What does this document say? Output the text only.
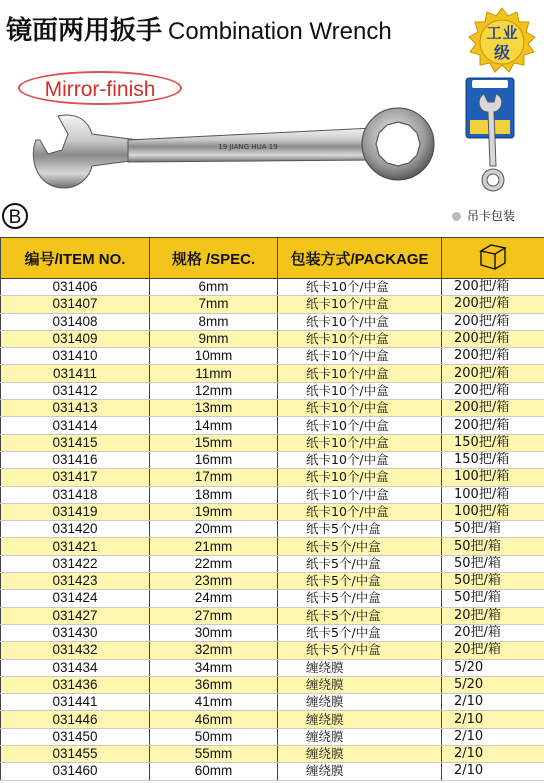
镜面两用扳手 Combination Wrench	工 业
级
Mirror-finish
19 JIANG HUA 19
B	吊卡包装
编号/ITEM NO.	规格 /SPEC.	包装方式/PACKAGE	
031406	6mm	纸卡10个/中盒	200把/箱
031407	7mm	纸卡10个/中盒	200把/箱
031408	8mm	纸卡10个/中盒	200把/箱
031409	9mm	纸卡10个/中盒	200把/箱
031410	10mm	纸卡10个/中盒	200把/箱
031411	11mm	纸卡10个/中盒	200把/箱
031412	12mm	纸卡10个/中盒	200把/箱
031413	13mm	纸卡10个/中盒	200把/箱
031414	14mm	纸卡10个/中盒	200把/箱
031415	15mm	纸卡10个/中盒	150把/箱
031416	16mm	纸卡10个/中盒	150把/箱
031417	17mm	纸卡10个/中盒	100把/箱
031418	18mm	纸卡10个/中盒	100把/箱
031419	19mm	纸卡10个/中盒	100把/箱
031420	20mm	纸卡5个/中盒	50把/箱
031421	21mm	纸卡5个/中盒	50把/箱
031422	22mm	纸卡5个/中盒	50把/箱
031423	23mm	纸卡5个/中盒	50把/箱
031424	24mm	纸卡5个/中盒	50把/箱
031427	27mm	纸卡5个/中盒	20把/箱
031430	30mm	纸卡5个/中盒	20把/箱
031432	32mm	纸卡5个/中盒	20把/箱
031434	34mm	缠绕膜	5/20
031436	36mm	缠绕膜	5/20
031441	41mm	缠绕膜	2/10
031446	46mm	缠绕膜	2/10
031450	50mm	缠绕膜	2/10
031455	55mm	缠绕膜	2/10
031460	60mm	缠绕膜	2/10
